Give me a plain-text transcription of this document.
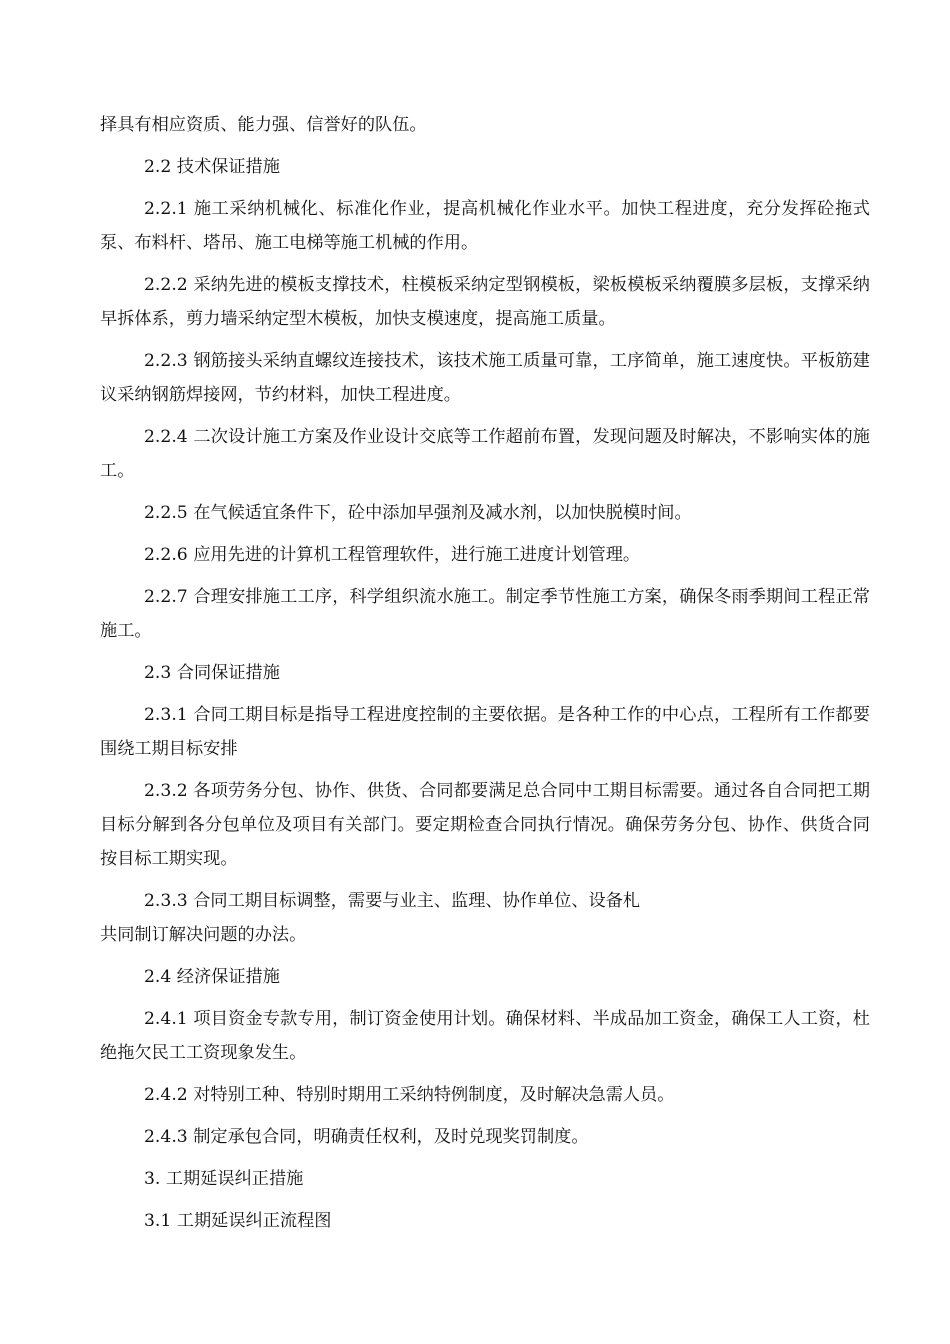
择具有相应资质、能力强、信誉好的队伍。

2.2 技术保证措施

2.2.1 施工采纳机械化、标准化作业，提高机械化作业水平。加快工程进度，充分发挥砼拖式泵、布料杆、塔吊、施工电梯等施工机械的作用。

2.2.2 采纳先进的模板支撑技术，柱模板采纳定型钢模板，梁板模板采纳覆膜多层板，支撑采纳早拆体系，剪力墙采纳定型木模板，加快支模速度，提高施工质量。

2.2.3 钢筋接头采纳直螺纹连接技术，该技术施工质量可靠，工序简单，施工速度快。平板筋建议采纳钢筋焊接网，节约材料，加快工程进度。

2.2.4 二次设计施工方案及作业设计交底等工作超前布置，发现问题及时解决，不影响实体的施工。

2.2.5 在气候适宜条件下，砼中添加早强剂及减水剂，以加快脱模时间。

2.2.6 应用先进的计算机工程管理软件，进行施工进度计划管理。

2.2.7 合理安排施工工序，科学组织流水施工。制定季节性施工方案，确保冬雨季期间工程正常施工。

2.3 合同保证措施

2.3.1 合同工期目标是指导工程进度控制的主要依据。是各种工作的中心点，工程所有工作都要围绕工期目标安排

2.3.2 各项劳务分包、协作、供货、合同都要满足总合同中工期目标需要。通过各自合同把工期目标分解到各分包单位及项目有关部门。要定期检查合同执行情况。确保劳务分包、协作、供货合同按目标工期实现。

2.3.3 合同工期目标调整，需要与业主、监理、协作单位、设备札

共同制订解决问题的办法。

2.4 经济保证措施

2.4.1 项目资金专款专用，制订资金使用计划。确保材料、半成品加工资金，确保工人工资，杜绝拖欠民工工资现象发生。

2.4.2 对特别工种、特别时期用工采纳特例制度，及时解决急需人员。

2.4.3 制定承包合同，明确责任权利，及时兑现奖罚制度。

3. 工期延误纠正措施

3.1 工期延误纠正流程图
